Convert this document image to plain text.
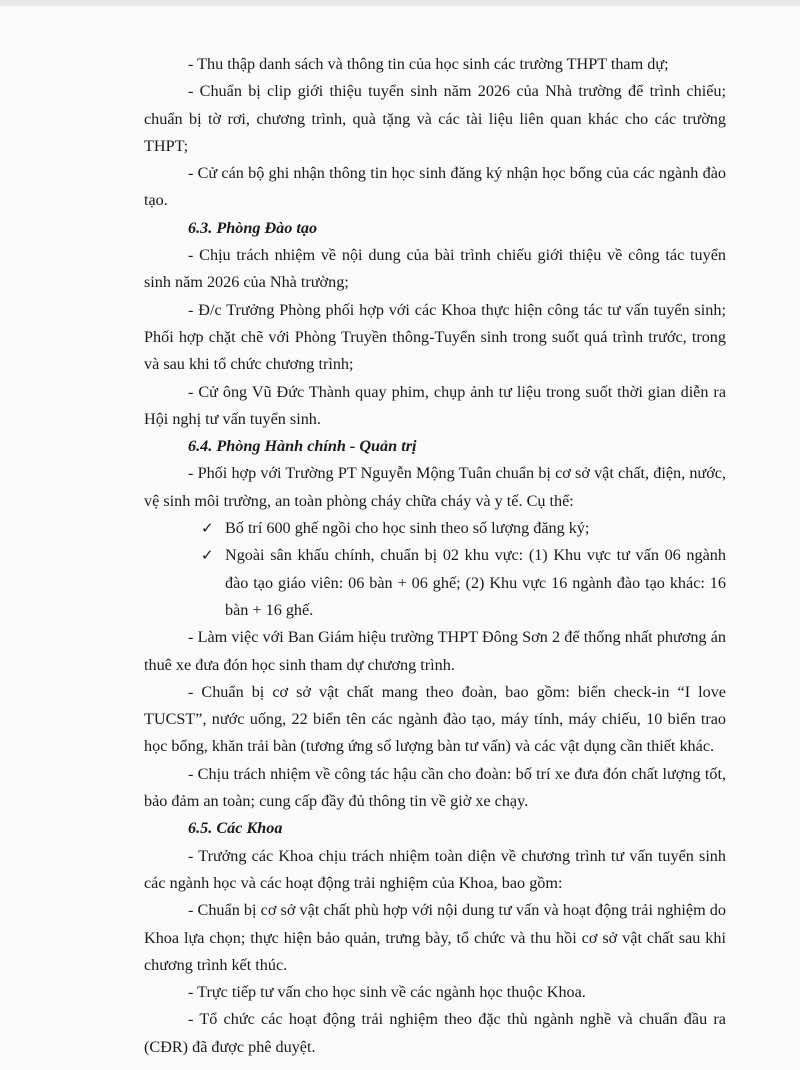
- Thu thập danh sách và thông tin của học sinh các trường THPT tham dự;

- Chuẩn bị clip giới thiệu tuyển sinh năm 2026 của Nhà trường để trình chiếu; chuẩn bị tờ rơi, chương trình, quà tặng và các tài liệu liên quan khác cho các trường THPT;

- Cử cán bộ ghi nhận thông tin học sinh đăng ký nhận học bổng của các ngành đào tạo.

6.3. Phòng Đào tạo

- Chịu trách nhiệm về nội dung của bài trình chiếu giới thiệu về công tác tuyển sinh năm 2026 của Nhà trường;

- Đ/c Trưởng Phòng phối hợp với các Khoa thực hiện công tác tư vấn tuyển sinh; Phối hợp chặt chẽ với Phòng Truyền thông-Tuyển sinh trong suốt quá trình trước, trong và sau khi tổ chức chương trình;

- Cử ông Vũ Đức Thành quay phim, chụp ảnh tư liệu trong suốt thời gian diễn ra Hội nghị tư vấn tuyển sinh.

6.4. Phòng Hành chính - Quản trị

- Phối hợp với Trường PT Nguyễn Mộng Tuân chuẩn bị cơ sở vật chất, điện, nước, vệ sinh môi trường, an toàn phòng cháy chữa cháy và y tế. Cụ thể:

✓ Bố trí 600 ghế ngồi cho học sinh theo số lượng đăng ký;
✓ Ngoài sân khấu chính, chuẩn bị 02 khu vực: (1) Khu vực tư vấn 06 ngành đào tạo giáo viên: 06 bàn + 06 ghế; (2) Khu vực 16 ngành đào tạo khác: 16 bàn + 16 ghế.

- Làm việc với Ban Giám hiệu trường THPT Đông Sơn 2 để thống nhất phương án thuê xe đưa đón học sinh tham dự chương trình.

- Chuẩn bị cơ sở vật chất mang theo đoàn, bao gồm: biển check-in “I love TUCST”, nước uống, 22 biển tên các ngành đào tạo, máy tính, máy chiếu, 10 biển trao học bổng, khăn trải bàn (tương ứng số lượng bàn tư vấn) và các vật dụng cần thiết khác.

- Chịu trách nhiệm về công tác hậu cần cho đoàn: bố trí xe đưa đón chất lượng tốt, bảo đảm an toàn; cung cấp đầy đủ thông tin về giờ xe chạy.

6.5. Các Khoa

- Trưởng các Khoa chịu trách nhiệm toàn diện về chương trình tư vấn tuyển sinh các ngành học và các hoạt động trải nghiệm của Khoa, bao gồm:

- Chuẩn bị cơ sở vật chất phù hợp với nội dung tư vấn và hoạt động trải nghiệm do Khoa lựa chọn; thực hiện bảo quản, trưng bày, tổ chức và thu hồi cơ sở vật chất sau khi chương trình kết thúc.

- Trực tiếp tư vấn cho học sinh về các ngành học thuộc Khoa.

- Tổ chức các hoạt động trải nghiệm theo đặc thù ngành nghề và chuẩn đầu ra (CĐR) đã được phê duyệt.
